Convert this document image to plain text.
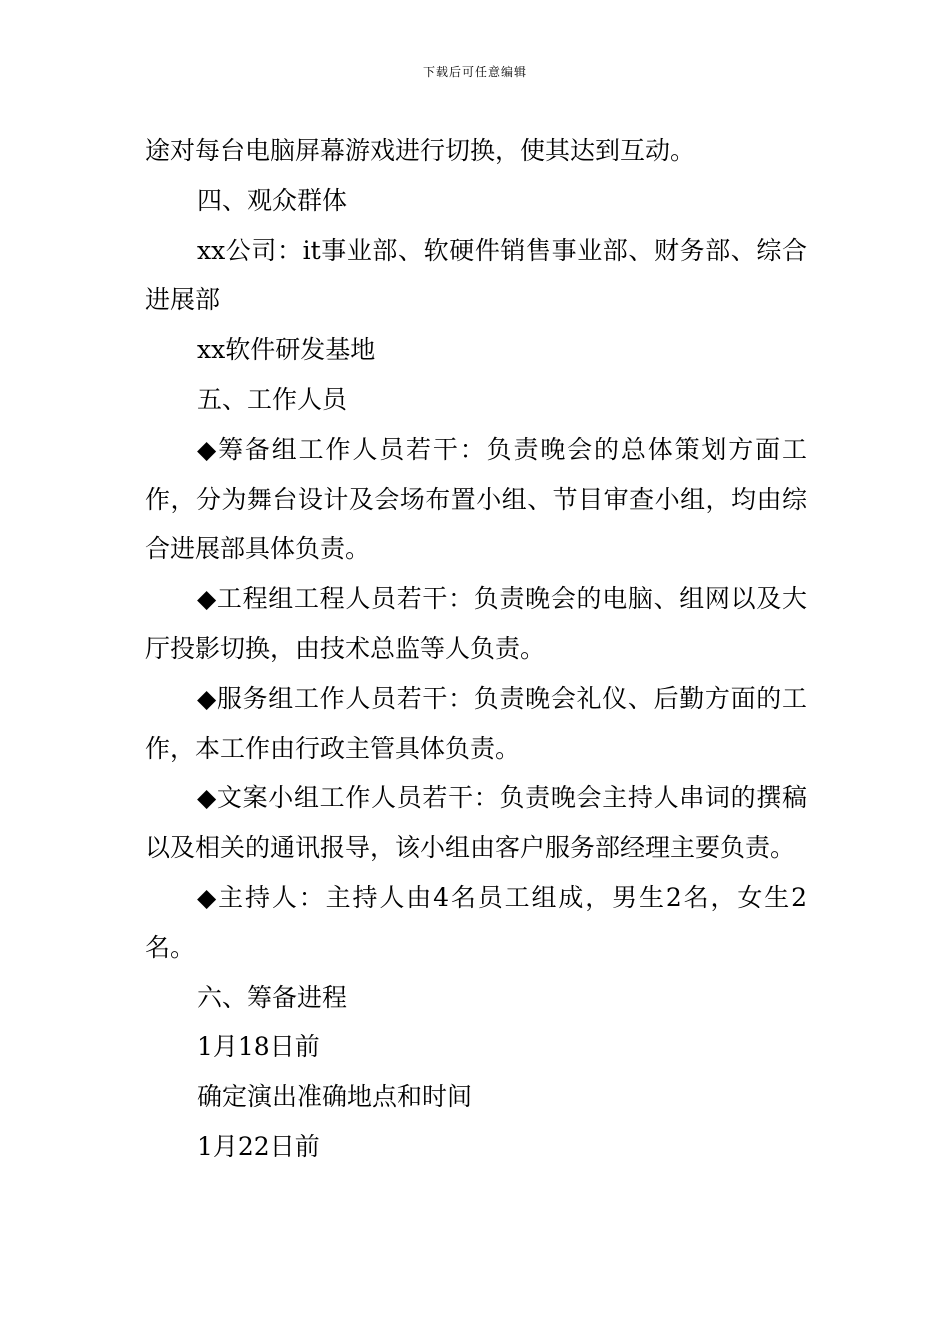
下载后可任意编辑

途对每台电脑屏幕游戏进行切换，使其达到互动。

四、观众群体

xx公司：it事业部、软硬件销售事业部、财务部、综合进展部

xx软件研发基地

五、工作人员

◆筹备组工作人员若干：负责晚会的总体策划方面工作，分为舞台设计及会场布置小组、节目审查小组，均由综合进展部具体负责。

◆工程组工程人员若干：负责晚会的电脑、组网以及大厅投影切换，由技术总监等人负责。

◆服务组工作人员若干：负责晚会礼仪、后勤方面的工作，本工作由行政主管具体负责。

◆文案小组工作人员若干：负责晚会主持人串词的撰稿以及相关的通讯报导，该小组由客户服务部经理主要负责。

◆主持人：主持人由4名员工组成，男生2名，女生2名。

六、筹备进程

1月18日前

确定演出准确地点和时间

1月22日前
